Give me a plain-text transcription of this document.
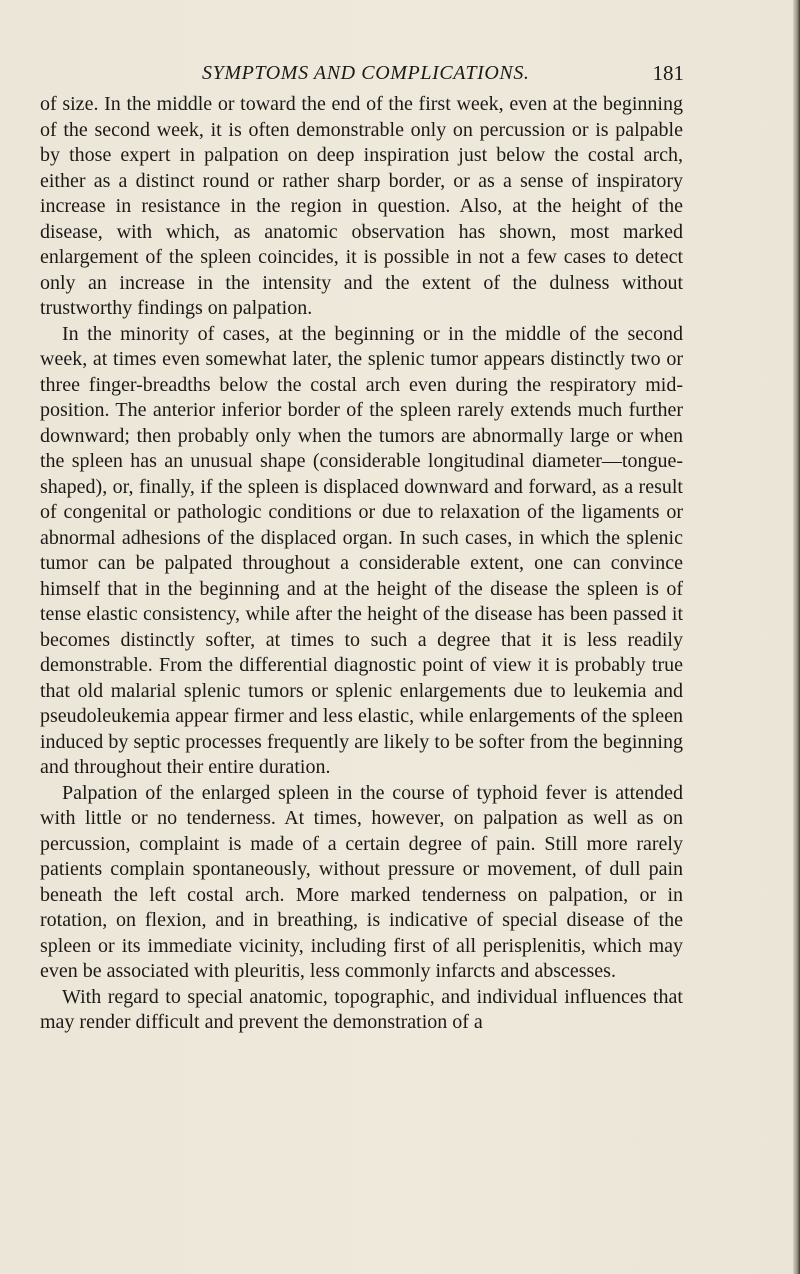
SYMPTOMS AND COMPLICATIONS.	181

of size. In the middle or toward the end of the first week, even at the beginning of the second week, it is often demonstrable only on percussion or is palpable by those expert in palpation on deep inspiration just below the costal arch, either as a distinct round or rather sharp border, or as a sense of inspiratory increase in resistance in the region in question. Also, at the height of the disease, with which, as anatomic observation has shown, most marked enlargement of the spleen coincides, it is possible in not a few cases to detect only an increase in the intensity and the extent of the dulness without trustworthy findings on palpation.

In the minority of cases, at the beginning or in the middle of the second week, at times even somewhat later, the splenic tumor appears distinctly two or three finger-breadths below the costal arch even during the respiratory mid-position. The anterior inferior border of the spleen rarely extends much further downward; then probably only when the tumors are abnormally large or when the spleen has an unusual shape (considerable longitudinal diameter—tongue-shaped), or, finally, if the spleen is displaced downward and forward, as a result of congenital or pathologic conditions or due to relaxation of the ligaments or abnormal adhesions of the displaced organ. In such cases, in which the splenic tumor can be palpated throughout a considerable extent, one can convince himself that in the beginning and at the height of the disease the spleen is of tense elastic consistency, while after the height of the disease has been passed it becomes distinctly softer, at times to such a degree that it is less readily demonstrable. From the differential diagnostic point of view it is probably true that old malarial splenic tumors or splenic enlargements due to leukemia and pseudoleukemia appear firmer and less elastic, while enlargements of the spleen induced by septic processes frequently are likely to be softer from the beginning and throughout their entire duration.

Palpation of the enlarged spleen in the course of typhoid fever is attended with little or no tenderness. At times, however, on palpation as well as on percussion, complaint is made of a certain degree of pain. Still more rarely patients complain spontaneously, without pressure or movement, of dull pain beneath the left costal arch. More marked tenderness on palpation, or in rotation, on flexion, and in breathing, is indicative of special disease of the spleen or its immediate vicinity, including first of all perisplenitis, which may even be associated with pleuritis, less commonly infarcts and abscesses.

With regard to special anatomic, topographic, and individual influences that may render difficult and prevent the demonstration of a
